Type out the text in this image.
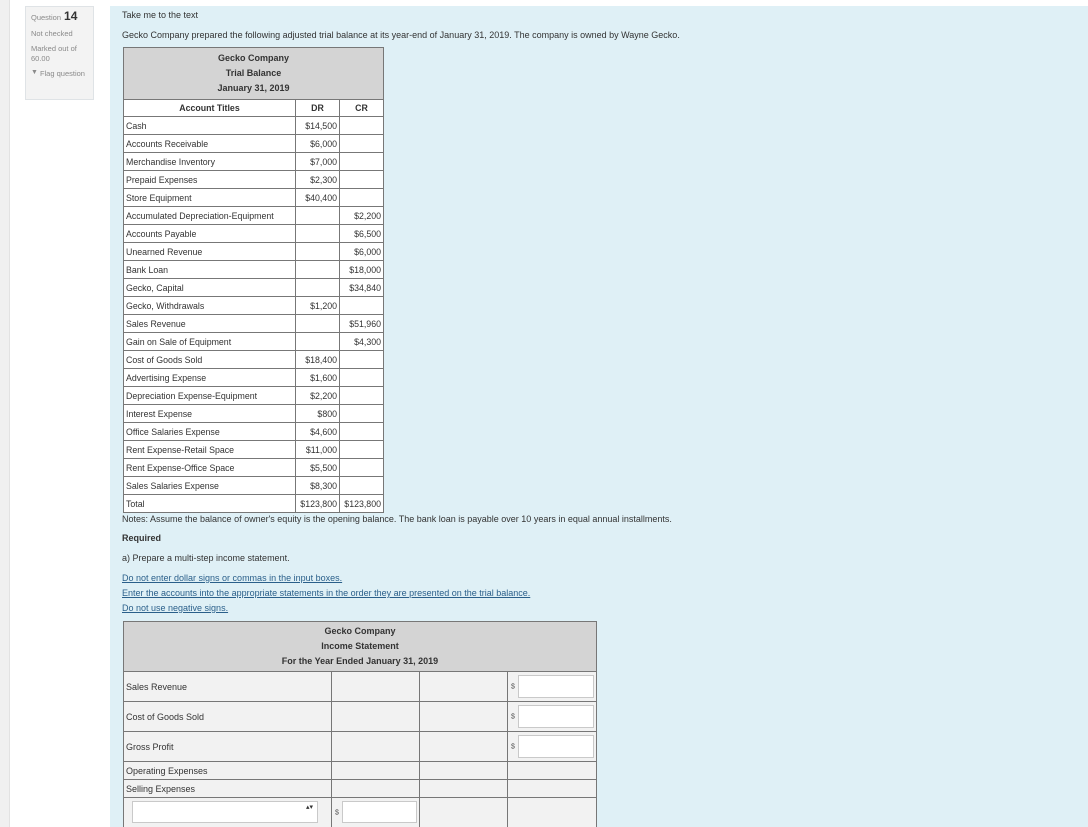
Question 14
Not checked
Marked out of
60.00
▼ Flag question
Take me to the text
Gecko Company prepared the following adjusted trial balance at its year-end of January 31, 2019. The company is owned by Wayne Gecko.
Gecko Company
Trial Balance
January 31, 2019		

Account Titles	DR	CR
Cash	$14,500	
Accounts Receivable	$6,000	
Merchandise Inventory	$7,000	
Prepaid Expenses	$2,300	
Store Equipment	$40,400	
Accumulated Depreciation-Equipment		$2,200
Accounts Payable		$6,500
Unearned Revenue		$6,000
Bank Loan		$18,000
Gecko, Capital		$34,840
Gecko, Withdrawals	$1,200	
Sales Revenue		$51,960
Gain on Sale of Equipment		$4,300
Cost of Goods Sold	$18,400	
Advertising Expense	$1,600	
Depreciation Expense-Equipment	$2,200	
Interest Expense	$800	
Office Salaries Expense	$4,600	
Rent Expense-Retail Space	$11,000	
Rent Expense-Office Space	$5,500	
Sales Salaries Expense	$8,300	
Total	$123,800	$123,800
Notes: Assume the balance of owner's equity is the opening balance. The bank loan is payable over 10 years in equal annual installments.
Required
a) Prepare a multi-step income statement.
Do not enter dollar signs or commas in the input boxes.
Enter the accounts into the appropriate statements in the order they are presented on the trial balance.
Do not use negative signs.
Gecko Company
Income Statement
For the Year Ended January 31, 2019			

Sales Revenue			$

Cost of Goods Sold			$

Gross Profit			$

Operating Expenses			
Selling Expenses			

▴▾	$		
